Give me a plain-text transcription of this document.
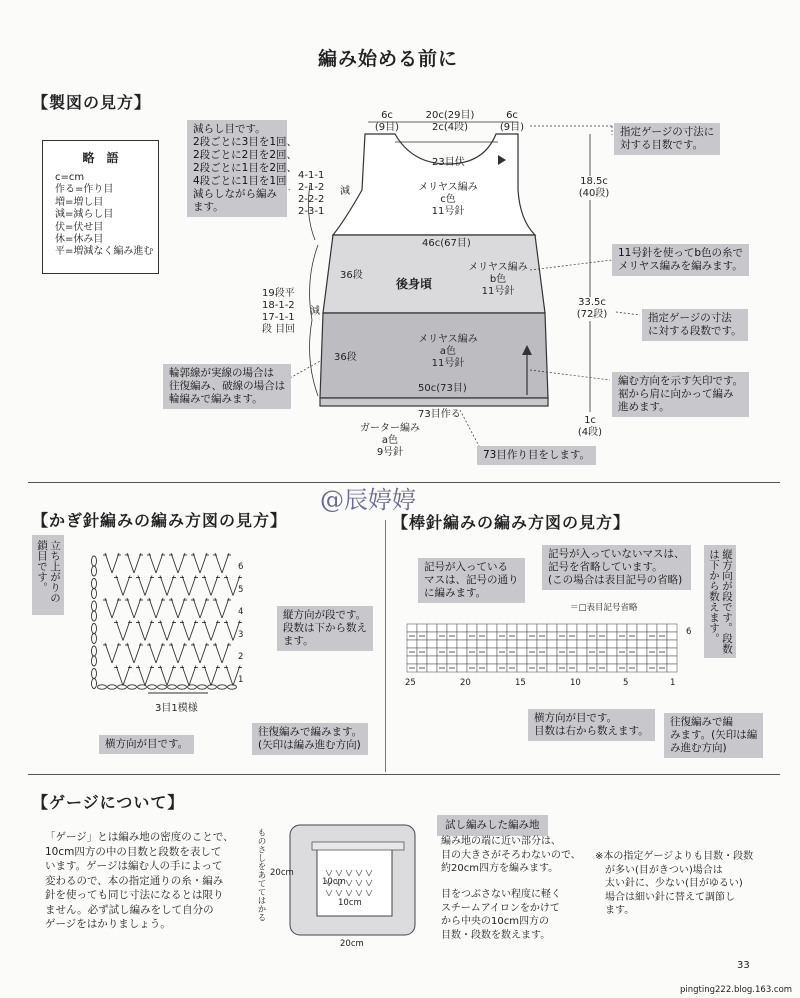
編み始める前に
【製図の見方】
略　語
c=cm
作る=作り目
増=増し目
減=減らし目
伏=伏せ目
休=休み目
平=増減なく編み進む
6c
(9目)
20c(29目)
2c(4段)
6c
(9目)
23目伏
メリヤス編み
c色
11号針
4-1-1
2-1-2
2-2-2
2-3-1
減
46c(67目)
36段
後身頃
メリヤス編み
b色
11号針
19段平
18-1-2
17-1-1
段 目回
減
36段
メリヤス編み
a色
11号針
50c(73目)
73目作る
ガーター編み
a色
9号針
18.5c
(40段)
33.5c
(72段)
1c
(4段)
減らし目です。
2段ごとに3目を1回、
2段ごとに2目を2回、
2段ごとに1目を2回、
4段ごとに1目を1回
減らしながら編み
ます。
指定ゲージの寸法に
対する目数です。
11号針を使ってb色の糸で
メリヤス編みを編みます。
指定ゲージの寸法
に対する段数です。
輪郭線が実線の場合は
往復編み、破線の場合は
輪編みで編みます。
編む方向を示す矢印です。
裾から肩に向かって編み
進めます。
73目作り目をします。
@辰婷婷
【かぎ針編みの編み方図の見方】	【棒針編みの編み方図の見方】
立ち上がりの鎖目です。	6
5
4
3
2
1
3目1模様
縦方向が段です。
段数は下から数え
ます。
往復編みで編みます。
(矢印は編み進む方向)
横方向が目です。
記号が入っている
マスは、記号の通り
に編みます。
記号が入っていないマスは、
記号を省略しています。
(この場合は表目記号の省略)
＝□表目記号省略	縦方向が段です。段数は下から数えます。
6
25	20	15	10	5	1
横方向が目です。
目数は右から数えます。
往復編みで編
みます。(矢印は編
み進む方向)
【ゲージについて】
「ゲージ」とは編み地の密度のことで、
10cm四方の中の目数と段数を表して
います。ゲージは編む人の手によって
変わるので、本の指定通りの糸・編み
針を使っても同じ寸法になるとは限り
ません。必ず試し編みをして自分の
ゲージをはかりましょう。
ものさしをあててはかる 20cm
10cm
10cm
20cm
試し編みした編み地
編み地の端に近い部分は、
目の大きさがそろわないので、
約20cm四方を編みます。
目をつぶさない程度に軽く
スチームアイロンをかけて
から中央の10cm四方の
目数・段数を数えます。
※本の指定ゲージよりも目数・段数
　が多い(目がきつい)場合は
　太い針に、少ない(目がゆるい)
　場合は細い針に替えて調節し
　ます。
33
pingting222.blog.163.com
